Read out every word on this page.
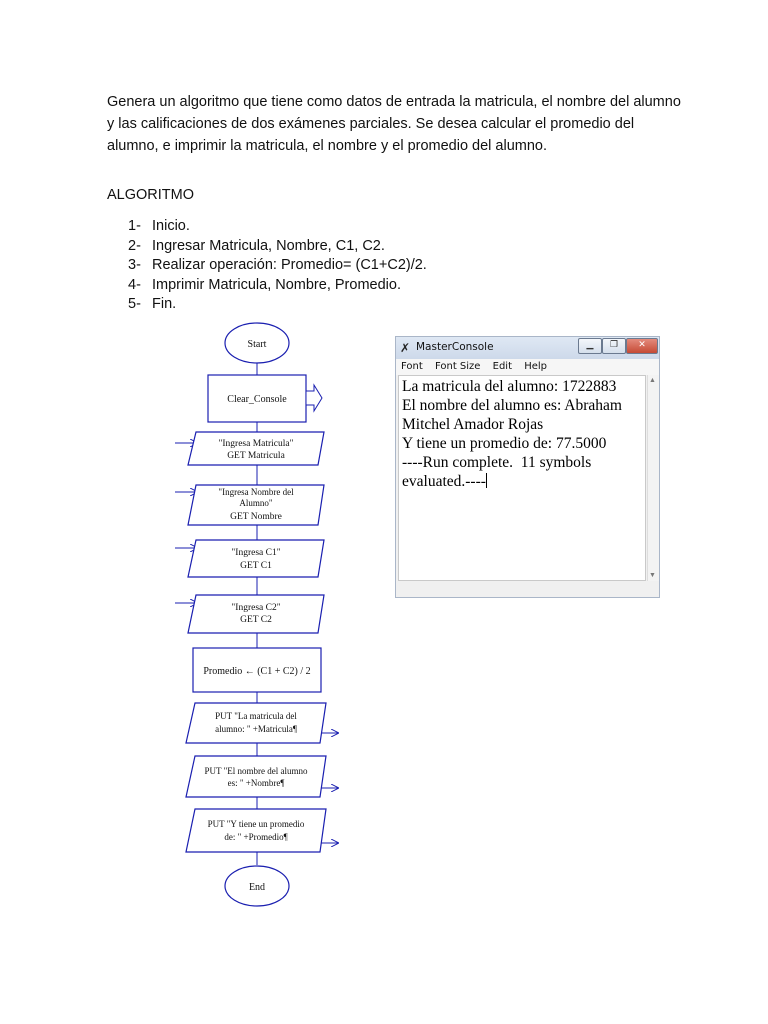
Genera un algoritmo que tiene como datos de entrada la matricula, el nombre del alumno y las calificaciones de dos exámenes parciales. Se desea calcular el promedio del alumno, e imprimir la matricula, el nombre y el promedio del alumno.

ALGORITMO

1- Inicio.
2- Ingresar Matricula, Nombre, C1, C2.
3- Realizar operación: Promedio= (C1+C2)/2.
4- Imprimir Matricula, Nombre, Promedio.
5- Fin.
Start
Clear_Console
"Ingresa Matricula"
GET Matricula
"Ingresa Nombre del
Alumno"
GET Nombre
"Ingresa C1"
GET C1
"Ingresa C2"
GET C2
Promedio ← (C1 + C2) / 2
PUT "La matricula del
alumno: " +Matricula¶
PUT "El nombre del alumno
es: " +Nombre¶
PUT "Y tiene un promedio
de: " +Promedio¶
End
✗ MasterConsole	▁	❐	✕
Font Font Size Edit Help
La matricula del alumno: 1722883
El nombre del alumno es: Abraham Mitchel Amador Rojas
Y tiene un promedio de: 77.5000
----Run complete.  11 symbols evaluated.----
▲
▼
